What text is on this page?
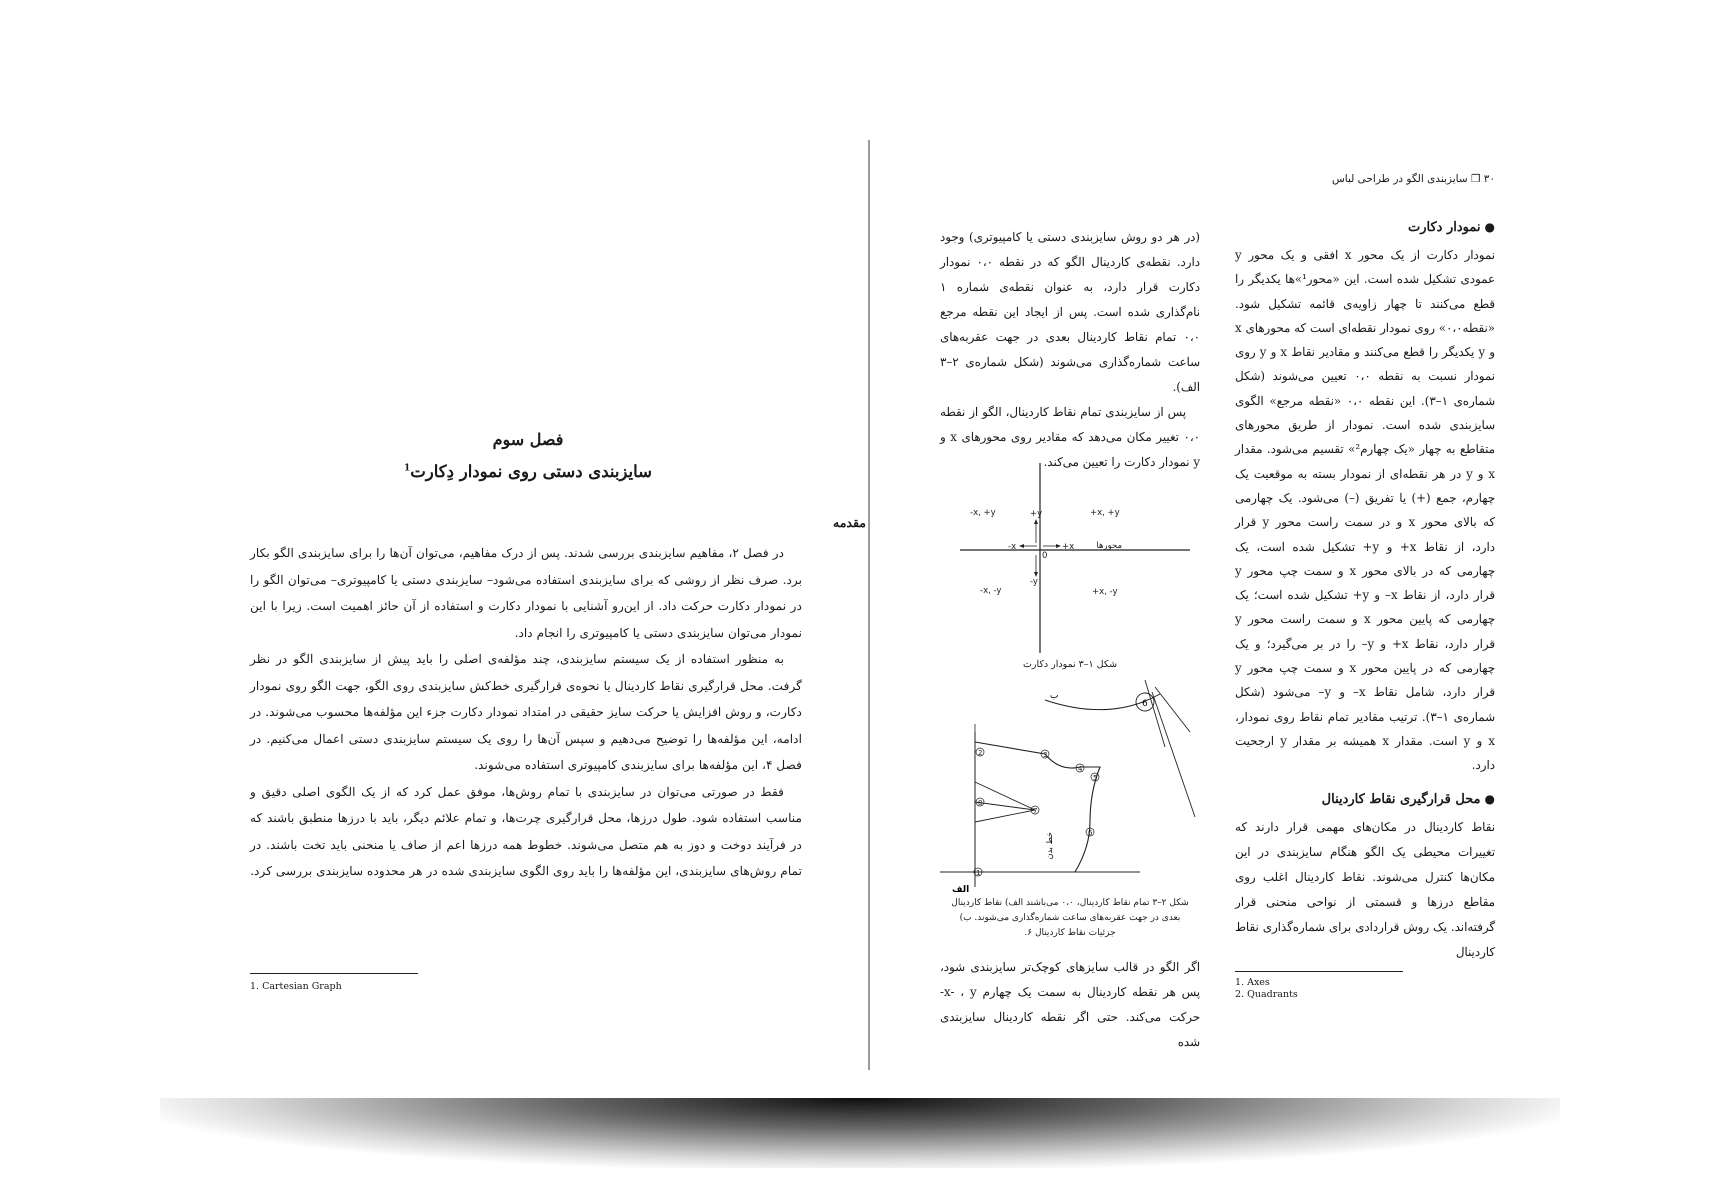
فصل سوم
سایزبندی دستی روی نمودار دِکارت$^1$
مقدمه

در فصل ۲، مفاهیم سایزبندی بررسی شدند. پس از درک مفاهیم، می‌توان آن‌ها را برای سایزبندی الگو بکار برد. صرف نظر از روشی که برای سایزبندی استفاده می‌شود– سایزبندی دستی یا کامپیوتری– می‌توان الگو را در نمودار دکارت حرکت داد. از این‌رو آشنایی با نمودار دکارت و استفاده از آن حائز اهمیت است. زیرا با این نمودار می‌توان سایزبندی دستی یا کامپیوتری را انجام داد.

به منظور استفاده از یک سیستم سایزبندی، چند مؤلفه‌ی اصلی را باید پیش از سایزبندی الگو در نظر گرفت. محل قرارگیری نقاط کاردینال یا نحوه‌ی قرارگیری خط‌کش سایزبندی روی الگو، جهت الگو روی نمودار دکارت، و روش افزایش یا حرکت سایز حقیقی در امتداد نمودار دکارت جزء این مؤلفه‌ها محسوب می‌شوند. در ادامه، این مؤلفه‌ها را توضیح می‌دهیم و سپس آن‌ها را روی یک سیستم سایزبندی دستی اعمال می‌کنیم. در فصل ۴، این مؤلفه‌ها برای سایزبندی کامپیوتری استفاده می‌شوند.

فقط در صورتی می‌توان در سایزبندی با تمام روش‌ها، موفق عمل کرد که از یک الگوی اصلی دقیق و مناسب استفاده شود. طول درزها، محل قرارگیری چرت‌ها، و تمام علائم دیگر، باید با درزها منطبق باشند که در فرآیند دوخت و دوز به هم متصل می‌شوند. خطوط همه درزها اعم از صاف یا منحنی باید تخت باشند. در تمام روش‌های سایزبندی، این مؤلفه‌ها را باید روی الگوی سایزبندی شده در هر محدوده سایزبندی بررسی کرد.

1. Cartesian Graph
۳۰ ❒ سایزبندی الگو در طراحی لباس
●نمودار دکارت

نمودار دکارت از یک محور x افقی و یک محور y عمودی تشکیل شده است. این «محور¹»ها یکدیگر را قطع می‌کنند تا چهار زاویه‌ی قائمه تشکیل شود. «نقطه۰،۰» روی نمودار نقطه‌ای است که محورهای x و y یکدیگر را قطع می‌کنند و مقادیر نقاط x و y روی نمودار نسبت به نقطه ۰،۰ تعیین می‌شوند (شکل شماره‌ی ۱–۳). این نقطه ۰،۰ «نقطه مرجع» الگوی سایزبندی شده است. نمودار از طریق محورهای متقاطع به چهار «یک چهارم²» تقسیم می‌شود. مقدار x و y در هر نقطه‌ای از نمودار بسته به موقعیت یک چهارم، جمع (+) یا تفریق (–) می‌شود. یک چهارمی که بالای محور x و در سمت راست محور y قرار دارد، از نقاط x+ و y+ تشکیل شده است، یک چهارمی که در بالای محور x و سمت چپ محور y قرار دارد، از نقاط x– و y+ تشکیل شده است؛ یک چهارمی که پایین محور x و سمت راست محور y قرار دارد، نقاط x+ و y– را در بر می‌گیرد؛ و یک چهارمی که در پایین محور x و سمت چپ محور y قرار دارد، شامل نقاط x– و y– می‌شود (شکل شماره‌ی ۱–۳). ترتیب مقادیر تمام نقاط روی نمودار، x و y است. مقدار x همیشه بر مقدار y ارجحیت دارد.

●محل قرارگیری نقاط کاردینال

نقاط کاردینال در مکان‌های مهمی قرار دارند که تغییرات محیطی یک الگو هنگام سایزبندی در این مکان‌ها کنترل می‌شوند. نقاط کاردینال اغلب روی مقاطع درزها و قسمتی از نواحی منحنی قرار گرفته‌اند. یک روش قراردادی برای شماره‌گذاری نقاط کاردینال

1. Axes
2. Quadrants

(در هر دو روش سایزبندی دستی یا کامپیوتری) وجود دارد. نقطه‌ی کاردینال الگو که در نقطه ۰،۰ نمودار دکارت قرار دارد، به عنوان نقطه‌ی شماره ۱ نام‌گذاری شده است. پس از ایجاد این نقطه مرجع ۰،۰ تمام نقاط کاردینال بعدی در جهت عقربه‌های ساعت شماره‌گذاری می‌شوند (شکل شماره‌ی ۲–۳ الف).

پس از سایزبندی تمام نقاط کاردینال، الگو از نقطه ۰،۰ تغییر مکان می‌دهد که مقادیر روی محورهای x و y نمودار دکارت را تعیین می‌کند.

-x, +y	+x, +y
-x, -y	+x, -y
+y
-y
+x
-x
0
محورها
شکل ۱–۳ نمودار دکارت
6
ب
1
2	3
4
5
6
7
8
خط بدن
الف
شکل ۲–۳ تمام نقاط کاردینال، ۰،۰ می‌باشند الف) نقاط کاردینال بعدی در جهت عقربه‌های ساعت شماره‌گذاری می‌شوند. ب) جزئیات نقاط کاردینال ۶.

اگر الگو در قالب سایزهای کوچک‌تر سایزبندی شود، پس هر نقطه کاردینال به سمت یک چهارم x- ، y- حرکت می‌کند. حتی اگر نقطه کاردینال سایزبندی شده
